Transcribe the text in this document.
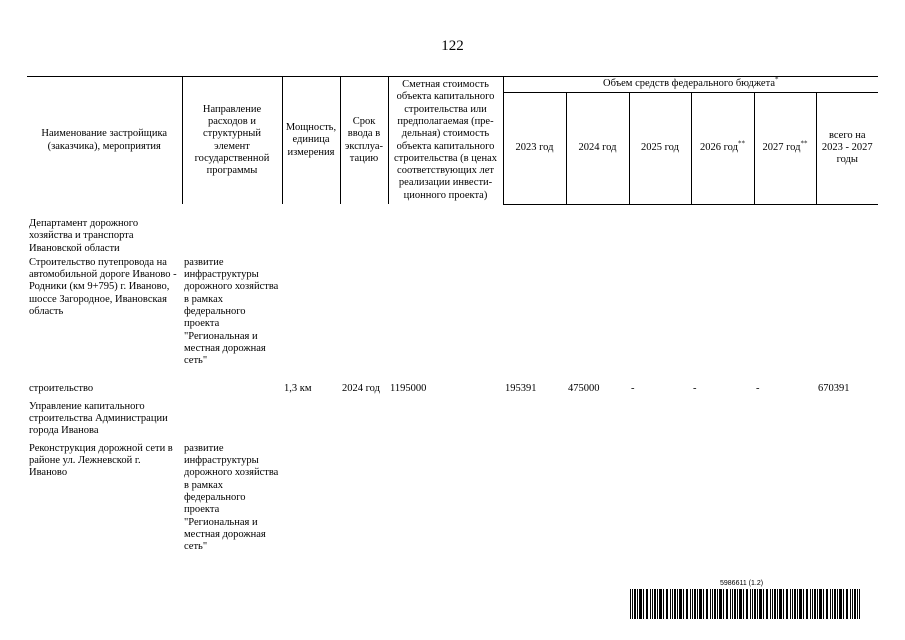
122
Наименование застройщика (заказчика), мероприятия	Направление расходов и структурный элемент государственной программы	Мощность, единица измерения	Срок ввода в эксплуа-тацию	Сметная стоимость объекта капитального строительства или предполагаемая (пре-дельная) стоимость объекта капитального строительства (в ценах соответствующих лет реализации инвести-ционного проекта)	Объем средств федерального бюджета*
					2023 год	2024 год	2025 год	2026 год**	2027 год**	всего на 2023 - 2027 годы
Департамент дорожного хозяйства и транспорта Ивановской области										
Строительство путепровода на автомобильной дороге Иваново - Родники (км 9+795) г. Иваново, шоссе Загородное, Ивановская область	развитие инфраструктуры дорожного хозяйства в рамках федерального проекта "Региональная и местная дорожная сеть"									
строительство		1,3 км	2024 год	1195000	195391	475000	-	-	-	670391
Управление капитального строительства Администрации города Иванова										
Реконструкция дорожной сети в районе ул. Лежневской г. Иваново	развитие инфраструктуры дорожного хозяйства в рамках федерального проекта "Региональная и местная дорожная сеть"									
5986611 (1.2)
